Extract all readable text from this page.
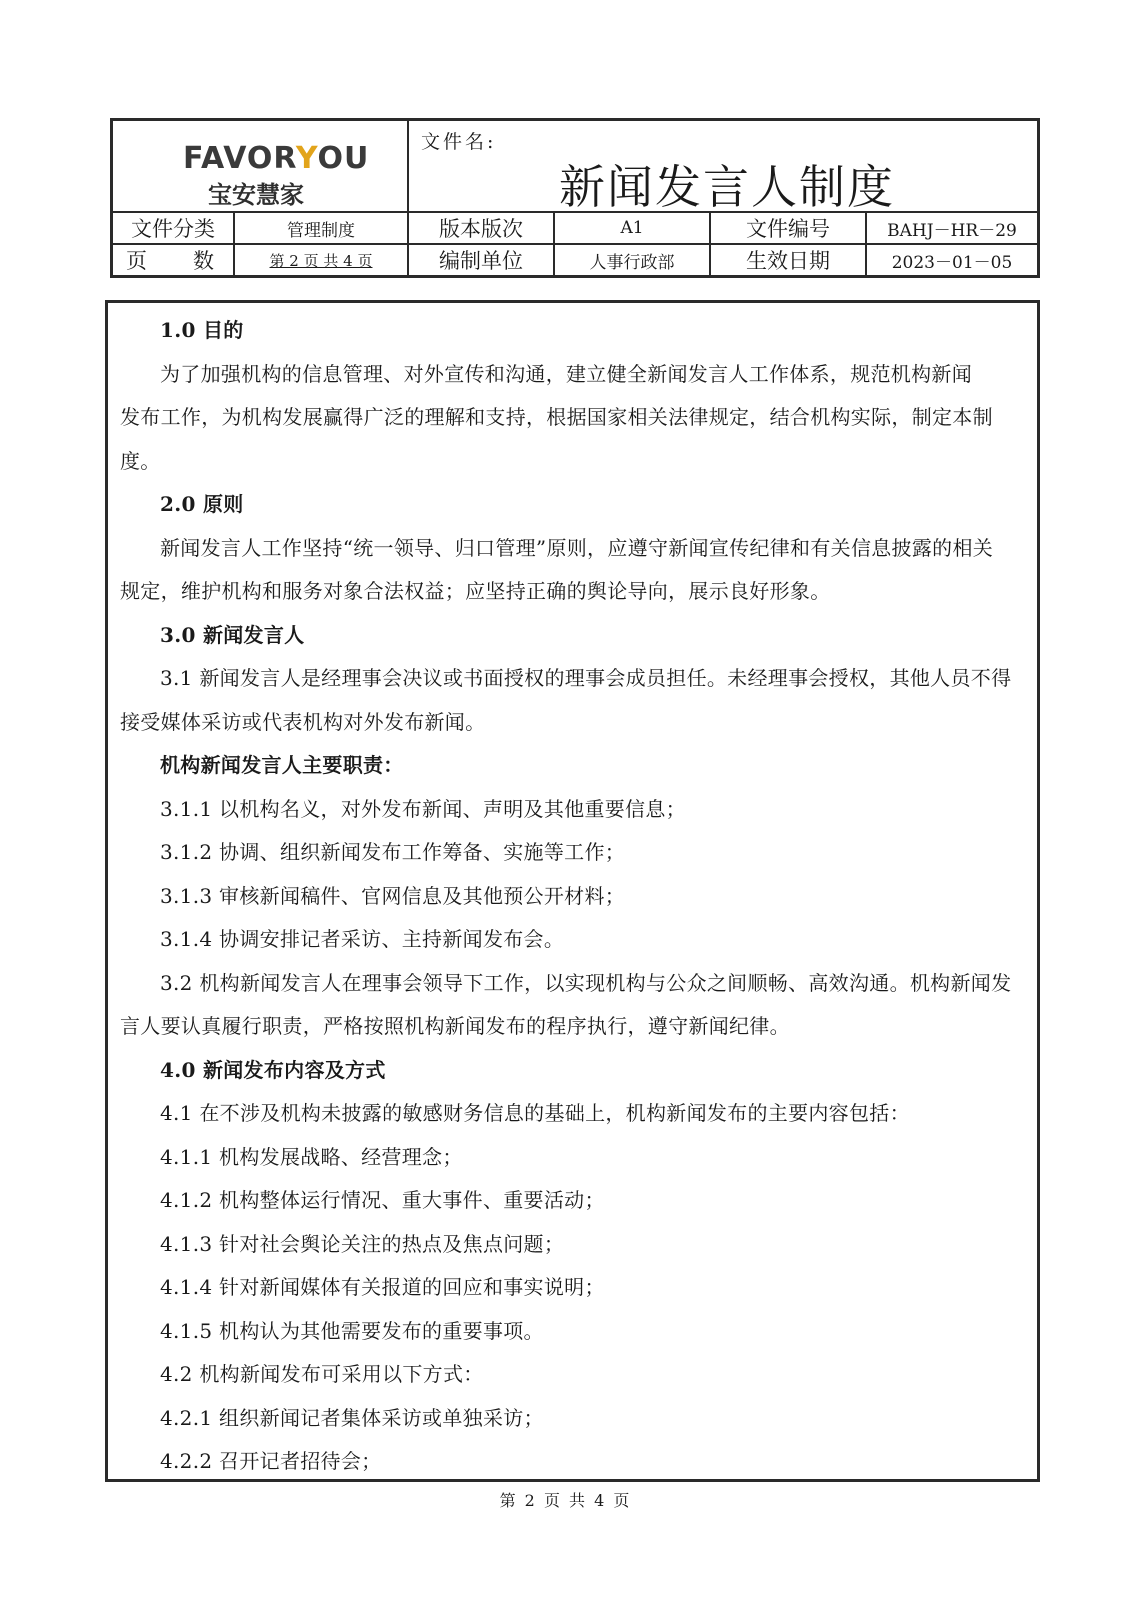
FAVORYOU
宝安慧家
文件名:
新闻发言人制度
文件分类	管理制度	版本版次	A1	文件编号	BAHJ－HR－29
页数 第 2 页 共 4 页	编制单位	人事行政部	生效日期	2023－01－05
1.0 目的
为了加强机构的信息管理、对外宣传和沟通，建立健全新闻发言人工作体系，规范机构新闻
发布工作，为机构发展赢得广泛的理解和支持，根据国家相关法律规定，结合机构实际，制定本制
度。
2.0 原则
新闻发言人工作坚持“统一领导、归口管理”原则，应遵守新闻宣传纪律和有关信息披露的相关
规定，维护机构和服务对象合法权益；应坚持正确的舆论导向，展示良好形象。
3.0 新闻发言人
3.1 新闻发言人是经理事会决议或书面授权的理事会成员担任。未经理事会授权，其他人员不得
接受媒体采访或代表机构对外发布新闻。
机构新闻发言人主要职责：
3.1.1 以机构名义，对外发布新闻、声明及其他重要信息；
3.1.2 协调、组织新闻发布工作筹备、实施等工作；
3.1.3 审核新闻稿件、官网信息及其他预公开材料；
3.1.4 协调安排记者采访、主持新闻发布会。
3.2 机构新闻发言人在理事会领导下工作，以实现机构与公众之间顺畅、高效沟通。机构新闻发
言人要认真履行职责，严格按照机构新闻发布的程序执行，遵守新闻纪律。
4.0 新闻发布内容及方式
4.1 在不涉及机构未披露的敏感财务信息的基础上，机构新闻发布的主要内容包括：
4.1.1 机构发展战略、经营理念；
4.1.2 机构整体运行情况、重大事件、重要活动；
4.1.3 针对社会舆论关注的热点及焦点问题；
4.1.4 针对新闻媒体有关报道的回应和事实说明；
4.1.5 机构认为其他需要发布的重要事项。
4.2 机构新闻发布可采用以下方式：
4.2.1 组织新闻记者集体采访或单独采访；
4.2.2 召开记者招待会；
第 2 页 共 4 页
